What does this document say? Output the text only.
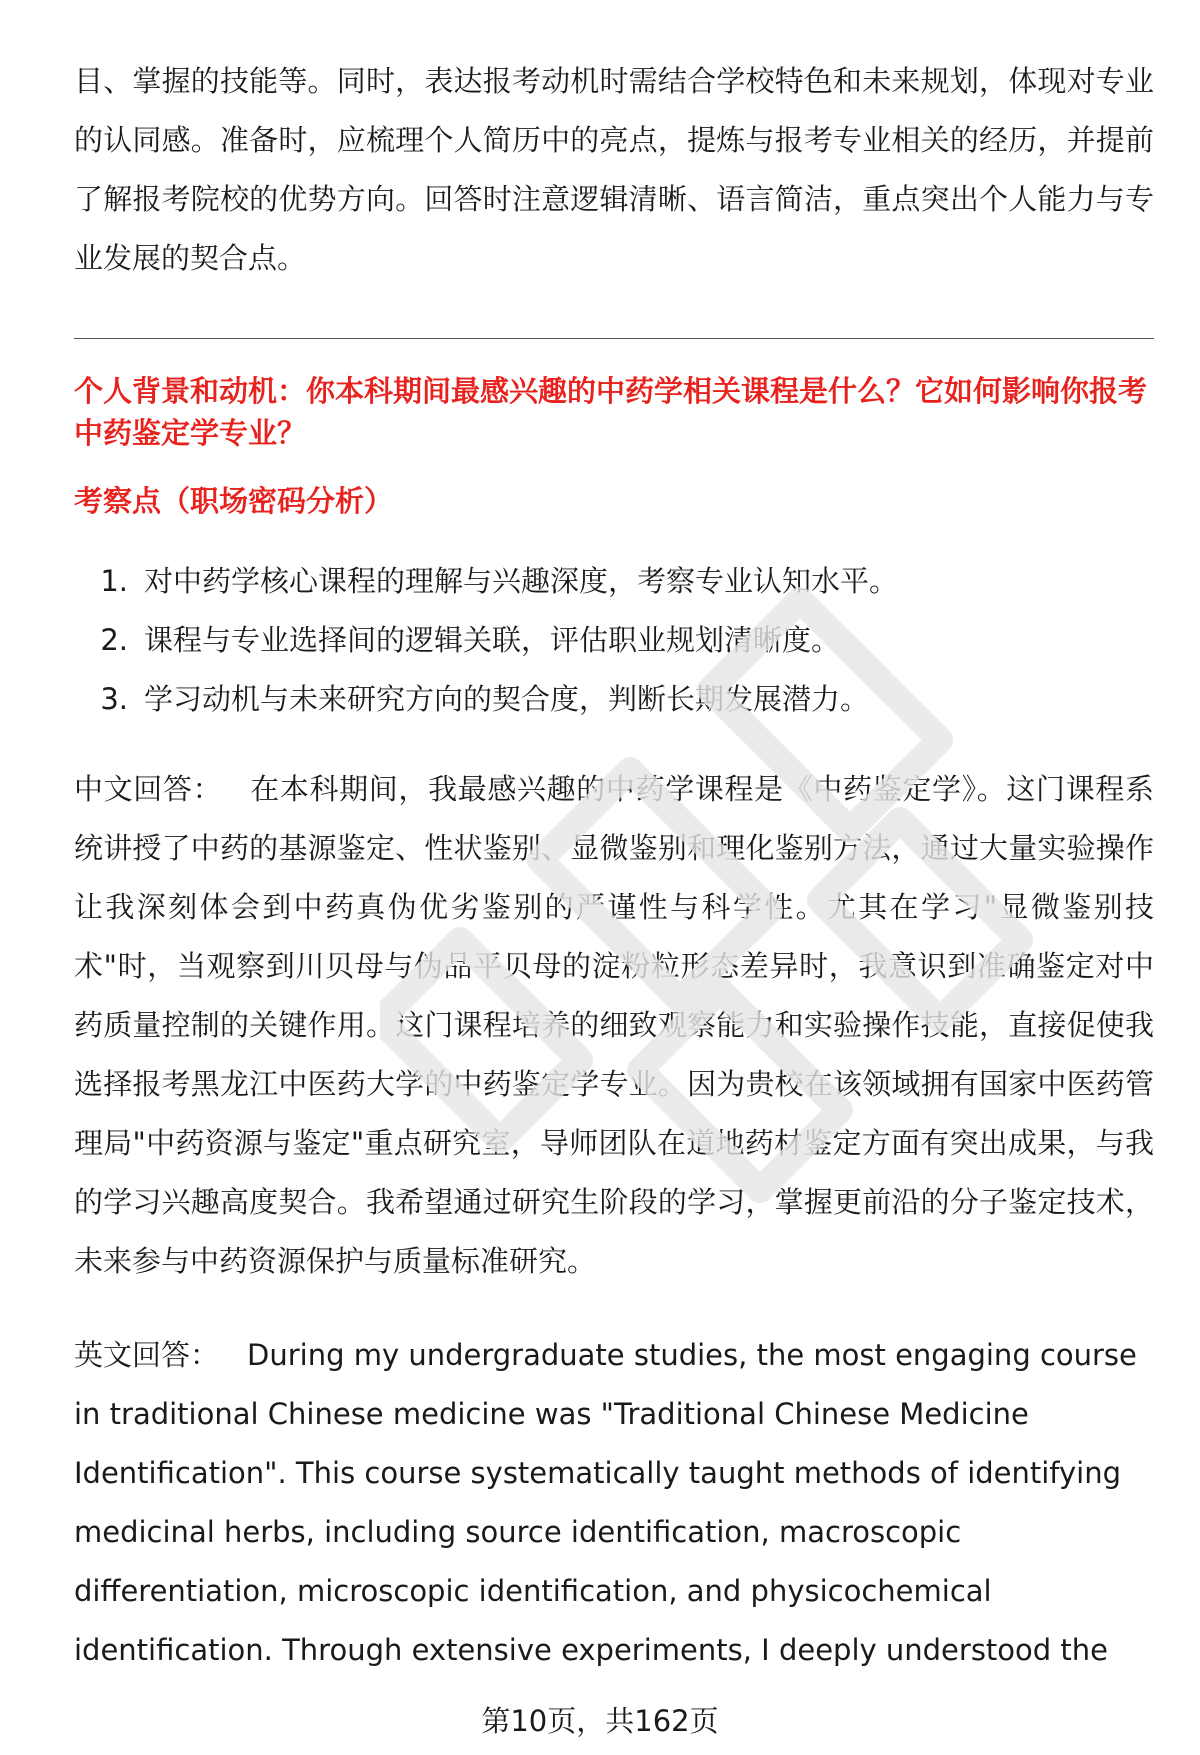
目、掌握的技能等。同时，表达报考动机时需结合学校特色和未来规划，体现对专业的认同感。准备时，应梳理个人简历中的亮点，提炼与报考专业相关的经历，并提前了解报考院校的优势方向。回答时注意逻辑清晰、语言简洁，重点突出个人能力与专业发展的契合点。

个人背景和动机：你本科期间最感兴趣的中药学相关课程是什么？它如何影响你报考中药鉴定学专业？

考察点（职场密码分析）

1. 对中药学核心课程的理解与兴趣深度，考察专业认知水平。
2. 课程与专业选择间的逻辑关联，评估职业规划清晰度。
3. 学习动机与未来研究方向的契合度，判断长期发展潜力。

中文回答： 在本科期间，我最感兴趣的中药学课程是《中药鉴定学》。这门课程系统讲授了中药的基源鉴定、性状鉴别、显微鉴别和理化鉴别方法，通过大量实验操作让我深刻体会到中药真伪优劣鉴别的严谨性与科学性。尤其在学习"显微鉴别技术"时，当观察到川贝母与伪品平贝母的淀粉粒形态差异时，我意识到准确鉴定对中药质量控制的关键作用。这门课程培养的细致观察能力和实验操作技能，直接促使我选择报考黑龙江中医药大学的中药鉴定学专业。因为贵校在该领域拥有国家中医药管理局"中药资源与鉴定"重点研究室，导师团队在道地药材鉴定方面有突出成果，与我的学习兴趣高度契合。我希望通过研究生阶段的学习，掌握更前沿的分子鉴定技术，未来参与中药资源保护与质量标准研究。

英文回答： During my undergraduate studies, the most engaging course in traditional Chinese medicine was "Traditional Chinese Medicine Identification". This course systematically taught methods of identifying medicinal herbs, including source identification, macroscopic differentiation, microscopic identification, and physicochemical identification. Through extensive experiments, I deeply understood the

第10页，共162页
